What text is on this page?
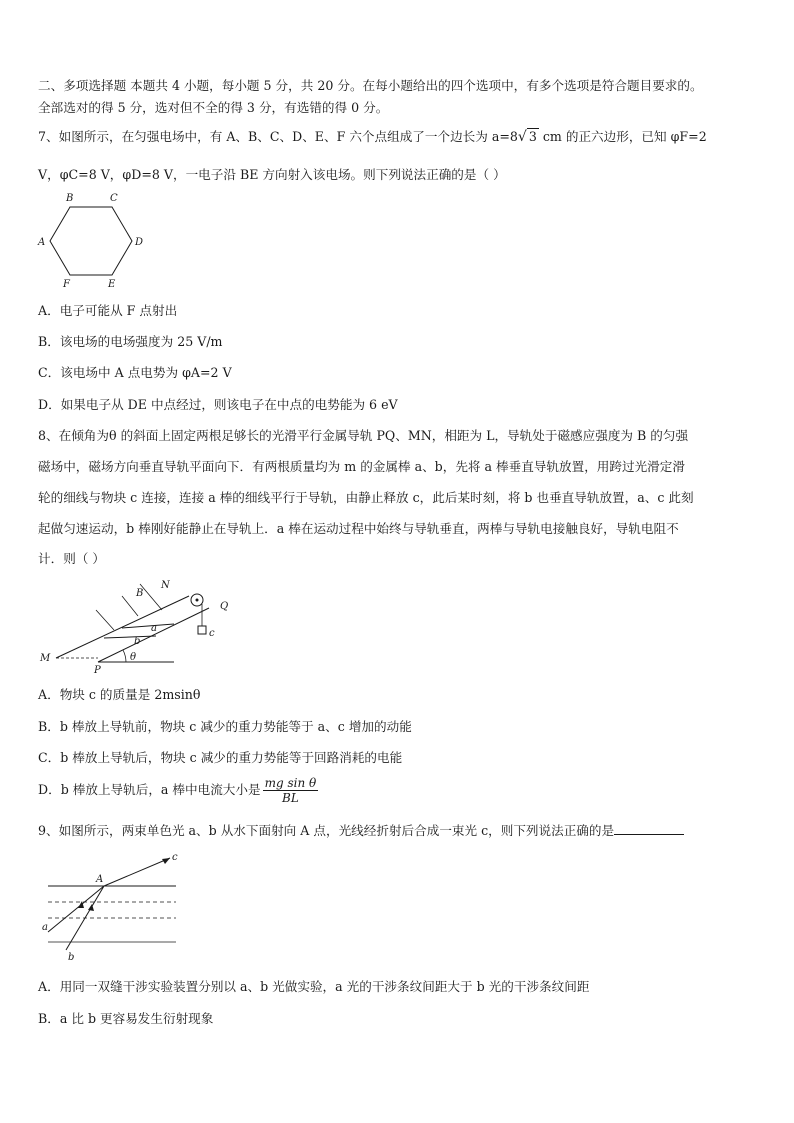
二、多项选择题 本题共 4 小题，每小题 5 分，共 20 分。在每小题给出的四个选项中，有多个选项是符合题目要求的。
全部选对的得 5 分，选对但不全的得 3 分，有选错的得 0 分。
7、如图所示，在匀强电场中，有 A、B、C、D、E、F 六个点组成了一个边长为 a=8√ 3 cm 的正六边形，已知 φF=2
V，φC=8 V，φD=8 V，一电子沿 BE 方向射入该电场。则下列说法正确的是（ ）
B	C
A	D
F	E
A．电子可能从 F 点射出
B．该电场的电场强度为 25 V/m
C．该电场中 A 点电势为 φA=2 V
D．如果电子从 DE 中点经过，则该电子在中点的电势能为 6 eV
8、在倾角为θ 的斜面上固定两根足够长的光滑平行金属导轨 PQ、MN，相距为 L，导轨处于磁感应强度为 B 的匀强
磁场中，磁场方向垂直导轨平面向下．有两根质量均为 m 的金属棒 a、b，先将 a 棒垂直导轨放置，用跨过光滑定滑
轮的细线与物块 c 连接，连接 a 棒的细线平行于导轨，由静止释放 c，此后某时刻，将 b 也垂直导轨放置，a、c 此刻
起做匀速运动，b 棒刚好能静止在导轨上．a 棒在运动过程中始终与导轨垂直，两棒与导轨电接触良好，导轨电阻不
计．则（ ）
B
N
Q
a
b
c
M
P
θ
A．物块 c 的质量是 2msinθ
B．b 棒放上导轨前，物块 c 减少的重力势能等于 a、c 增加的动能
C．b 棒放上导轨后，物块 c 减少的重力势能等于回路消耗的电能
D．b 棒放上导轨后，a 棒中电流大小是 $\frac{\text{mg sin θ}}{BL}$
9、如图所示，两束单色光 a、b 从水下面射向 A 点，光线经折射后合成一束光 c，则下列说法正确的是
c
A
a
b
A．用同一双缝干涉实验装置分别以 a、b 光做实验，a 光的干涉条纹间距大于 b 光的干涉条纹间距
B．a 比 b 更容易发生衍射现象
